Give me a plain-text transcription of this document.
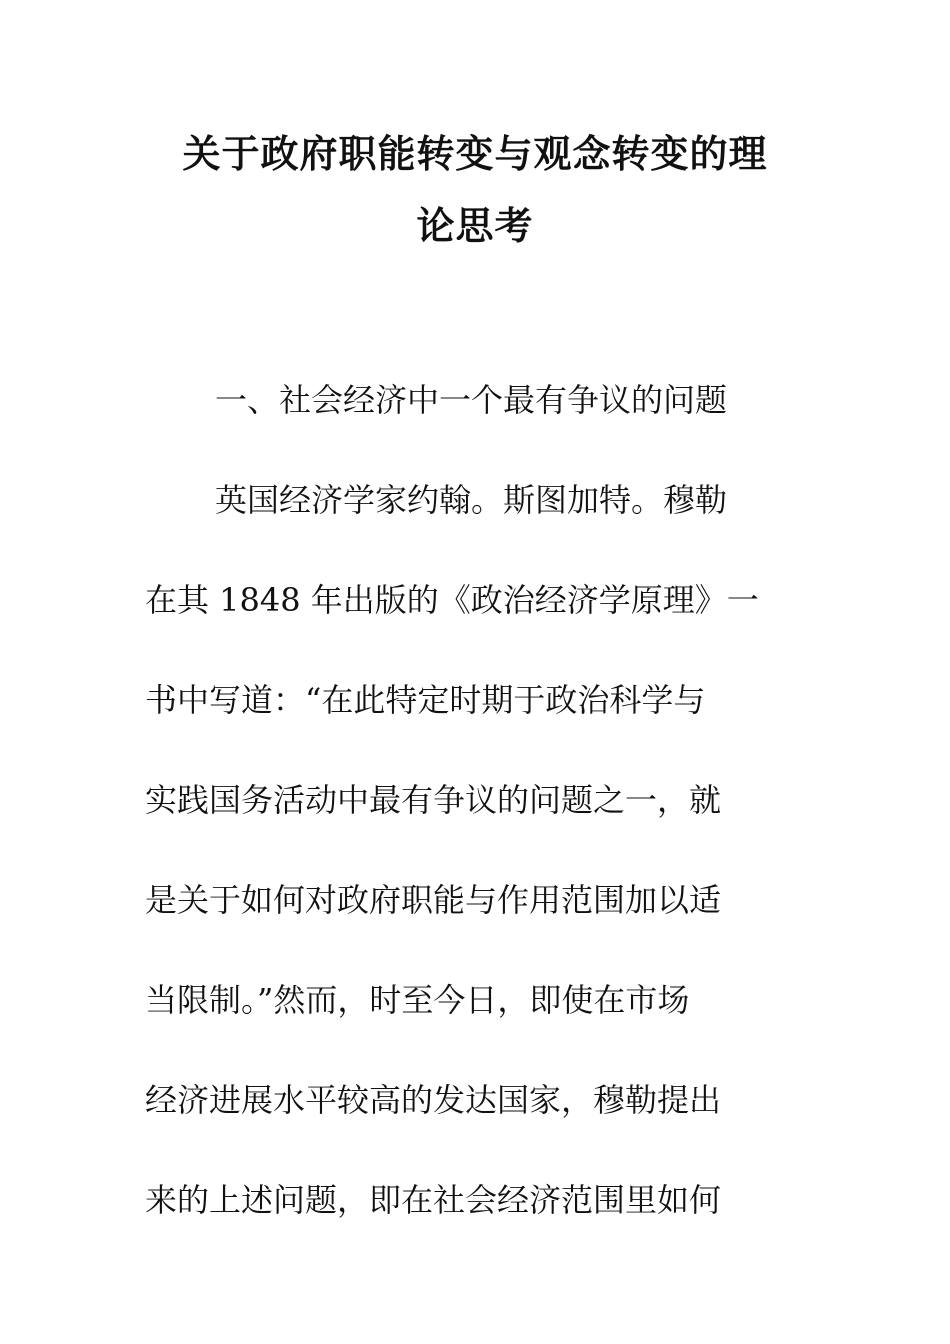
关于政府职能转变与观念转变的理
论思考

一、社会经济中一个最有争议的问题

英国经济学家约翰。斯图加特。穆勒

在其 1848 年出版的《政治经济学原理》一

书中写道：“在此特定时期于政治科学与

实践国务活动中最有争议的问题之一，就

是关于如何对政府职能与作用范围加以适

当限制。”然而，时至今日，即使在市场

经济进展水平较高的发达国家，穆勒提出

来的上述问题，即在社会经济范围里如何
